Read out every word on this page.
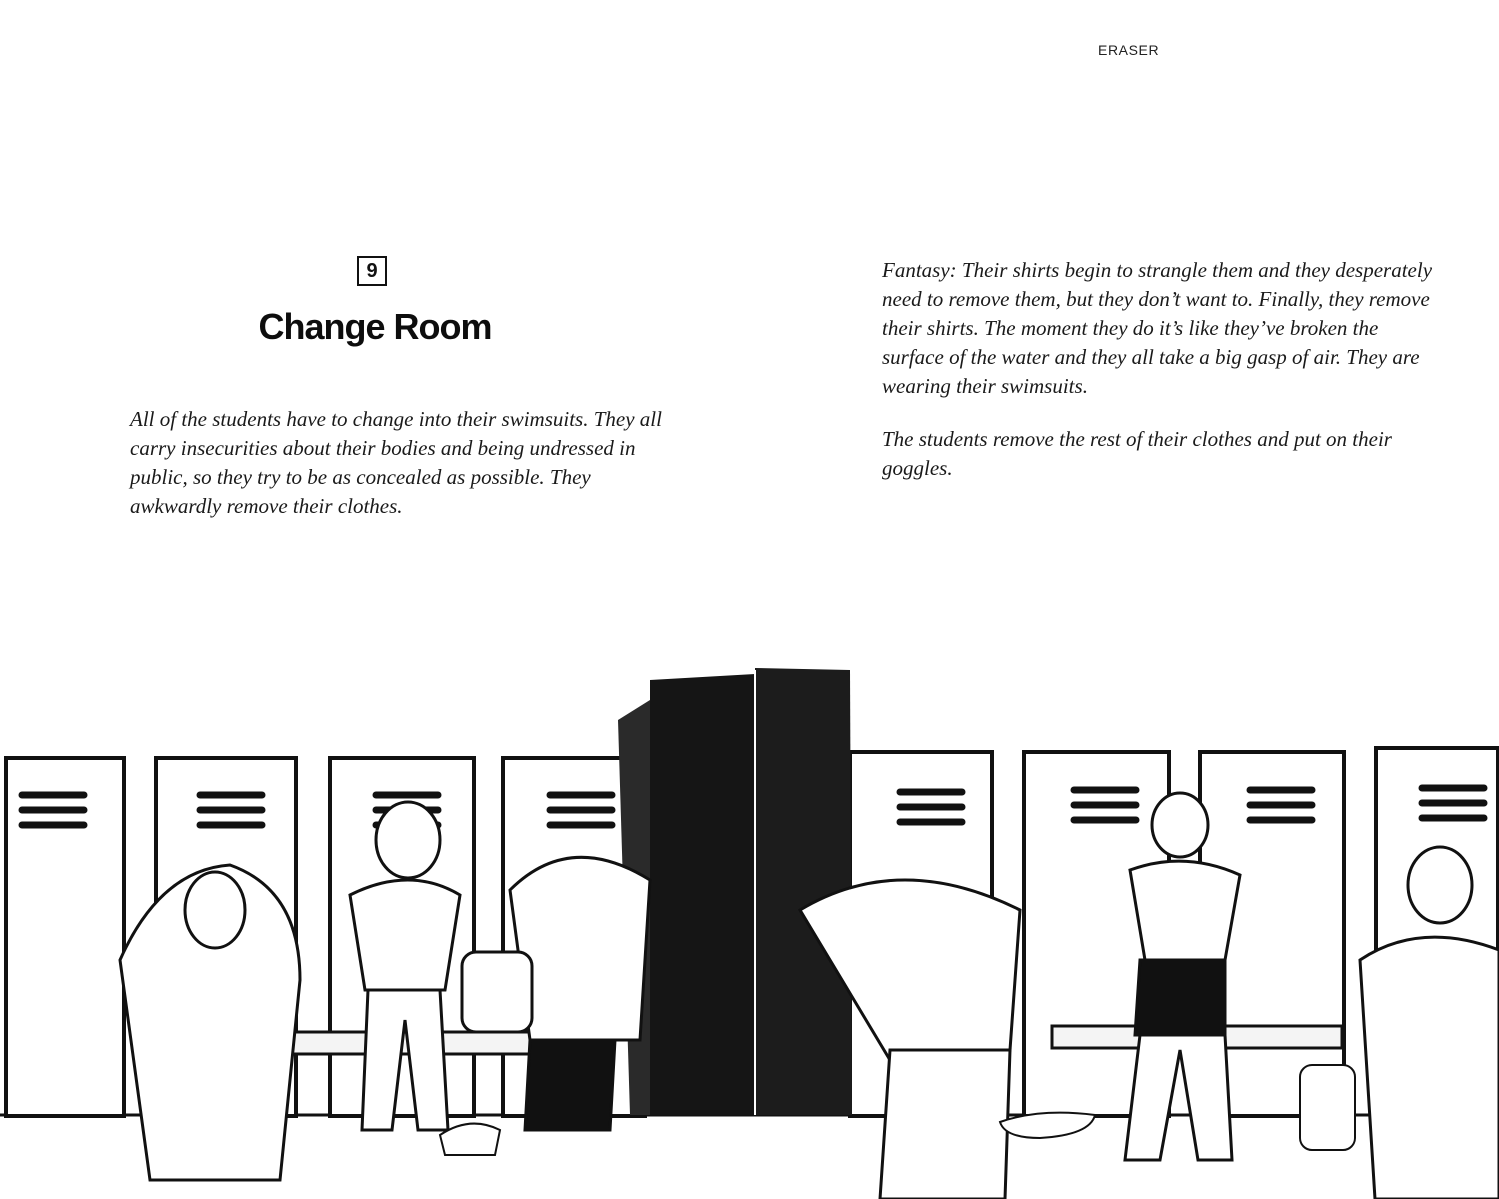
ERASER
9
Change Room

All of the students have to change into their swimsuits. They all carry insecurities about their bodies and being undressed in public, so they try to be as concealed as possible. They awkwardly remove their clothes.

Fantasy: Their shirts begin to strangle them and they desperately need to remove them, but they don’t want to. Finally, they remove their shirts. The moment they do it’s like they’ve broken the surface of the water and they all take a big gasp of air. They are wearing their swimsuits.

The students remove the rest of their clothes and put on their goggles.
